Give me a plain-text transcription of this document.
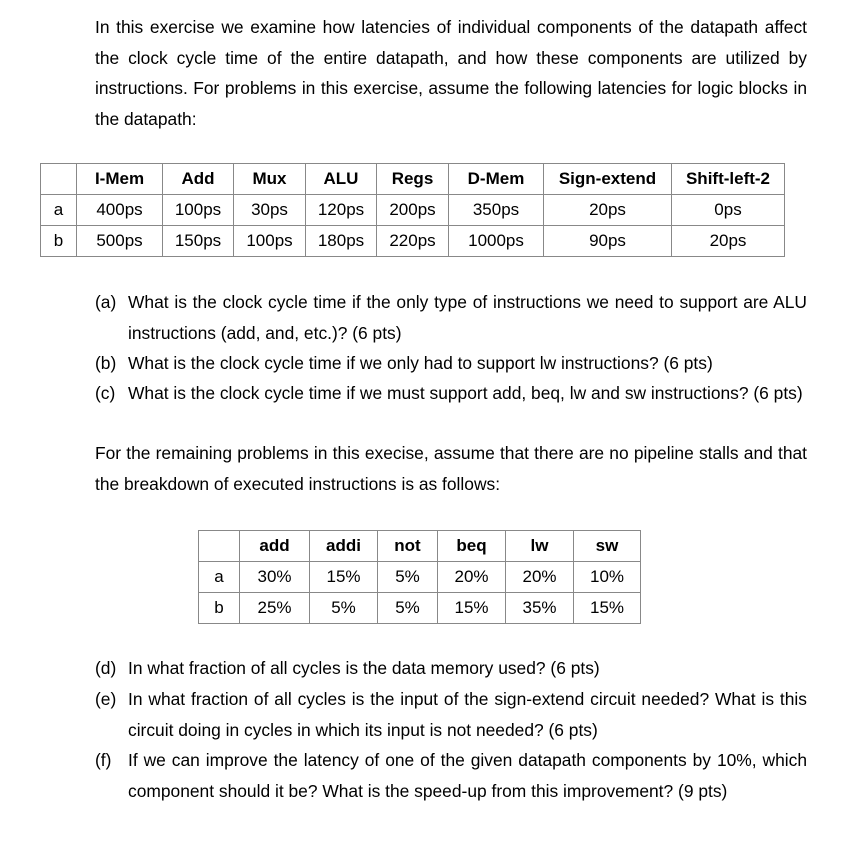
In this exercise we examine how latencies of individual components of the datapath affect the clock cycle time of the entire datapath, and how these components are utilized by instructions. For problems in this exercise, assume the following latencies for logic blocks in the datapath:

	I-Mem	Add	Mux	ALU	Regs	D-Mem	Sign-extend	Shift-left-2
a	400ps	100ps	30ps	120ps	200ps	350ps	20ps	0ps
b	500ps	150ps	100ps	180ps	220ps	1000ps	90ps	20ps
(a) What is the clock cycle time if the only type of instructions we need to support are ALU instructions (add, and, etc.)? (6 pts)
(b) What is the clock cycle time if we only had to support lw instructions? (6 pts)
(c) What is the clock cycle time if we must support add, beq, lw and sw instructions? (6 pts)

For the remaining problems in this execise, assume that there are no pipeline stalls and that the breakdown of executed instructions is as follows:

	add	addi	not	beq	lw	sw
a	30%	15%	5%	20%	20%	10%
b	25%	5%	5%	15%	35%	15%
(d) In what fraction of all cycles is the data memory used? (6 pts)
(e) In what fraction of all cycles is the input of the sign-extend circuit needed? What is this circuit doing in cycles in which its input is not needed? (6 pts)
(f) If we can improve the latency of one of the given datapath components by 10%, which component should it be? What is the speed-up from this improvement? (9 pts)
